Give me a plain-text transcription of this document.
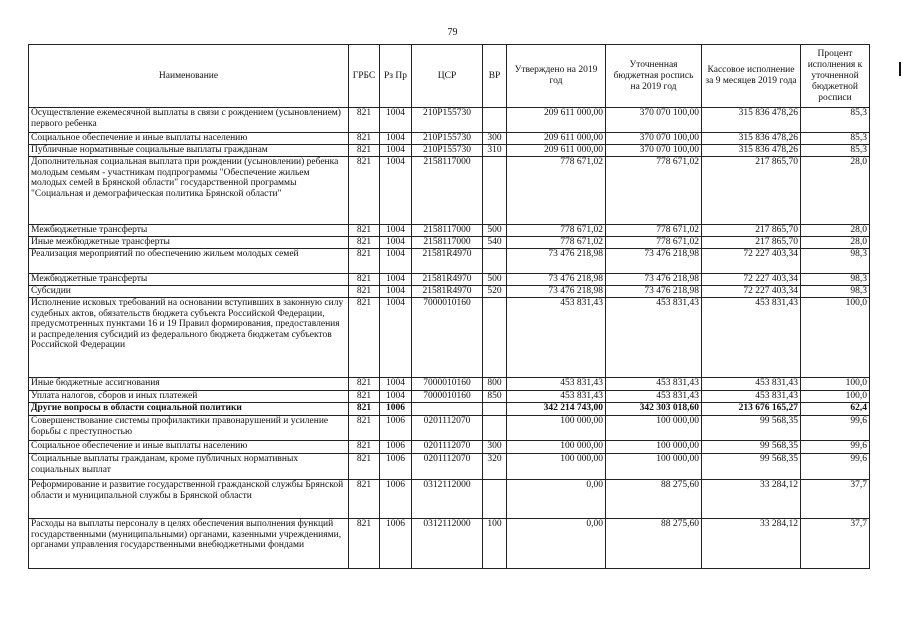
79
Наименование	ГРБС	Рз Пр	ЦСР	ВР	Утверждено на 2019 год	Уточненная бюджетная роспись на 2019 год	Кассовое исполнение за 9 месяцев 2019 года	Процент исполнения к уточненной бюджетной росписи
Осуществление ежемесячной выплаты в связи с рождением (усыновлением) первого ребенка	821	1004	210P155730		209 611 000,00	370 070 100,00	315 836 478,26	85,3
Социальное обеспечение и иные выплаты населению	821	1004	210P155730	300	209 611 000,00	370 070 100,00	315 836 478,26	85,3
Публичные нормативные социальные выплаты гражданам	821	1004	210P155730	310	209 611 000,00	370 070 100,00	315 836 478,26	85,3
Дополнительная социальная выплата при рождении (усыновлении) ребенка молодым семьям - участникам подпрограммы "Обеспечение жильем молодых семей в Брянской области" государственной программы "Социальная и демографическая политика Брянской области"	821	1004	2158117000		778 671,02	778 671,02	217 865,70	28,0
Межбюджетные трансферты	821	1004	2158117000	500	778 671,02	778 671,02	217 865,70	28,0
Иные межбюджетные трансферты	821	1004	2158117000	540	778 671,02	778 671,02	217 865,70	28,0
Реализация мероприятий по обеспечению жильем молодых семей	821	1004	21581R4970		73 476 218,98	73 476 218,98	72 227 403,34	98,3
Межбюджетные трансферты	821	1004	21581R4970	500	73 476 218,98	73 476 218,98	72 227 403,34	98,3
Субсидии	821	1004	21581R4970	520	73 476 218,98	73 476 218,98	72 227 403,34	98,3
Исполнение исковых требований на основании вступивших в законную силу судебных актов, обязательств бюджета субъекта Российской Федерации, предусмотренных пунктами 16 и 19 Правил формирования, предоставления и распределения субсидий из федерального бюджета бюджетам субъектов Российской Федерации	821	1004	7000010160		453 831,43	453 831,43	453 831,43	100,0
Иные бюджетные ассигнования	821	1004	7000010160	800	453 831,43	453 831,43	453 831,43	100,0
Уплата налогов, сборов и иных платежей	821	1004	7000010160	850	453 831,43	453 831,43	453 831,43	100,0
Другие вопросы в области социальной политики	821	1006			342 214 743,00	342 303 018,60	213 676 165,27	62,4
Совершенствование системы профилактики правонарушений и усиление борьбы с преступностью	821	1006	0201112070		100 000,00	100 000,00	99 568,35	99,6
Социальное обеспечение и иные выплаты населению	821	1006	0201112070	300	100 000,00	100 000,00	99 568,35	99,6
Социальные выплаты гражданам, кроме публичных нормативных социальных выплат	821	1006	0201112070	320	100 000,00	100 000,00	99 568,35	99,6
Реформирование и развитие государственной гражданской службы Брянской области и муниципальной службы в Брянской области	821	1006	0312112000		0,00	88 275,60	33 284,12	37,7
Расходы на выплаты персоналу в целях обеспечения выполнения функций государственными (муниципальными) органами, казенными учреждениями, органами управления государственными внебюджетными фондами	821	1006	0312112000	100	0,00	88 275,60	33 284,12	37,7
